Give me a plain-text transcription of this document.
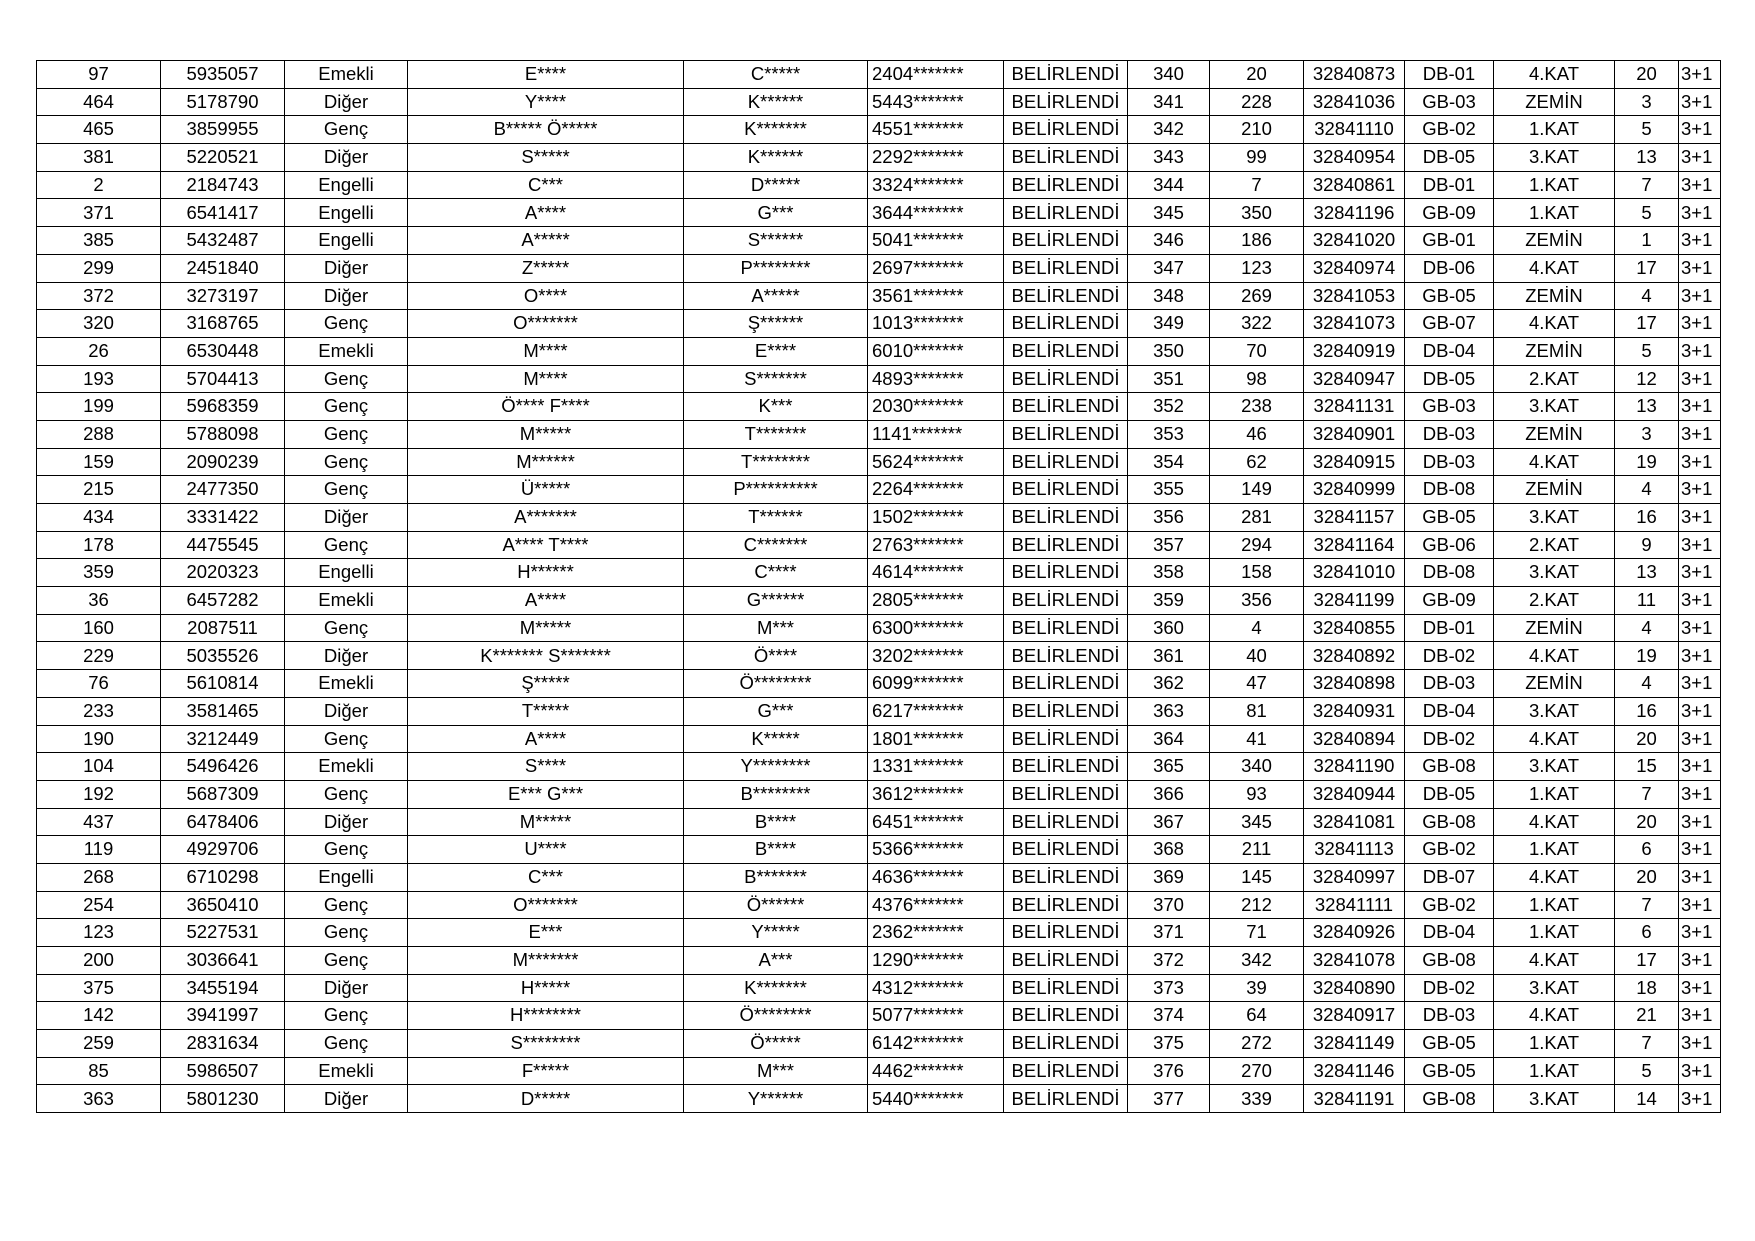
97	5935057	Emekli	E****	C*****	2404*******	BELİRLENDİ	340	20	32840873	DB-01	4.KAT	20	3+1
464	5178790	Diğer	Y****	K******	5443*******	BELİRLENDİ	341	228	32841036	GB-03	ZEMİN	3	3+1
465	3859955	Genç	B***** Ö*****	K*******	4551*******	BELİRLENDİ	342	210	32841110	GB-02	1.KAT	5	3+1
381	5220521	Diğer	S*****	K******	2292*******	BELİRLENDİ	343	99	32840954	DB-05	3.KAT	13	3+1
2	2184743	Engelli	C***	D*****	3324*******	BELİRLENDİ	344	7	32840861	DB-01	1.KAT	7	3+1
371	6541417	Engelli	A****	G***	3644*******	BELİRLENDİ	345	350	32841196	GB-09	1.KAT	5	3+1
385	5432487	Engelli	A*****	S******	5041*******	BELİRLENDİ	346	186	32841020	GB-01	ZEMİN	1	3+1
299	2451840	Diğer	Z*****	P********	2697*******	BELİRLENDİ	347	123	32840974	DB-06	4.KAT	17	3+1
372	3273197	Diğer	O****	A*****	3561*******	BELİRLENDİ	348	269	32841053	GB-05	ZEMİN	4	3+1
320	3168765	Genç	O*******	Ş******	1013*******	BELİRLENDİ	349	322	32841073	GB-07	4.KAT	17	3+1
26	6530448	Emekli	M****	E****	6010*******	BELİRLENDİ	350	70	32840919	DB-04	ZEMİN	5	3+1
193	5704413	Genç	M****	S*******	4893*******	BELİRLENDİ	351	98	32840947	DB-05	2.KAT	12	3+1
199	5968359	Genç	Ö**** F****	K***	2030*******	BELİRLENDİ	352	238	32841131	GB-03	3.KAT	13	3+1
288	5788098	Genç	M*****	T*******	1141*******	BELİRLENDİ	353	46	32840901	DB-03	ZEMİN	3	3+1
159	2090239	Genç	M******	T********	5624*******	BELİRLENDİ	354	62	32840915	DB-03	4.KAT	19	3+1
215	2477350	Genç	Ü*****	P**********	2264*******	BELİRLENDİ	355	149	32840999	DB-08	ZEMİN	4	3+1
434	3331422	Diğer	A*******	T******	1502*******	BELİRLENDİ	356	281	32841157	GB-05	3.KAT	16	3+1
178	4475545	Genç	A**** T****	C*******	2763*******	BELİRLENDİ	357	294	32841164	GB-06	2.KAT	9	3+1
359	2020323	Engelli	H******	C****	4614*******	BELİRLENDİ	358	158	32841010	DB-08	3.KAT	13	3+1
36	6457282	Emekli	A****	G******	2805*******	BELİRLENDİ	359	356	32841199	GB-09	2.KAT	11	3+1
160	2087511	Genç	M*****	M***	6300*******	BELİRLENDİ	360	4	32840855	DB-01	ZEMİN	4	3+1
229	5035526	Diğer	K******* S*******	Ö****	3202*******	BELİRLENDİ	361	40	32840892	DB-02	4.KAT	19	3+1
76	5610814	Emekli	Ş*****	Ö********	6099*******	BELİRLENDİ	362	47	32840898	DB-03	ZEMİN	4	3+1
233	3581465	Diğer	T*****	G***	6217*******	BELİRLENDİ	363	81	32840931	DB-04	3.KAT	16	3+1
190	3212449	Genç	A****	K*****	1801*******	BELİRLENDİ	364	41	32840894	DB-02	4.KAT	20	3+1
104	5496426	Emekli	S****	Y********	1331*******	BELİRLENDİ	365	340	32841190	GB-08	3.KAT	15	3+1
192	5687309	Genç	E*** G***	B********	3612*******	BELİRLENDİ	366	93	32840944	DB-05	1.KAT	7	3+1
437	6478406	Diğer	M*****	B****	6451*******	BELİRLENDİ	367	345	32841081	GB-08	4.KAT	20	3+1
119	4929706	Genç	U****	B****	5366*******	BELİRLENDİ	368	211	32841113	GB-02	1.KAT	6	3+1
268	6710298	Engelli	C***	B*******	4636*******	BELİRLENDİ	369	145	32840997	DB-07	4.KAT	20	3+1
254	3650410	Genç	O*******	Ö******	4376*******	BELİRLENDİ	370	212	32841111	GB-02	1.KAT	7	3+1
123	5227531	Genç	E***	Y*****	2362*******	BELİRLENDİ	371	71	32840926	DB-04	1.KAT	6	3+1
200	3036641	Genç	M*******	A***	1290*******	BELİRLENDİ	372	342	32841078	GB-08	4.KAT	17	3+1
375	3455194	Diğer	H*****	K*******	4312*******	BELİRLENDİ	373	39	32840890	DB-02	3.KAT	18	3+1
142	3941997	Genç	H********	Ö********	5077*******	BELİRLENDİ	374	64	32840917	DB-03	4.KAT	21	3+1
259	2831634	Genç	S********	Ö*****	6142*******	BELİRLENDİ	375	272	32841149	GB-05	1.KAT	7	3+1
85	5986507	Emekli	F*****	M***	4462*******	BELİRLENDİ	376	270	32841146	GB-05	1.KAT	5	3+1
363	5801230	Diğer	D*****	Y******	5440*******	BELİRLENDİ	377	339	32841191	GB-08	3.KAT	14	3+1
